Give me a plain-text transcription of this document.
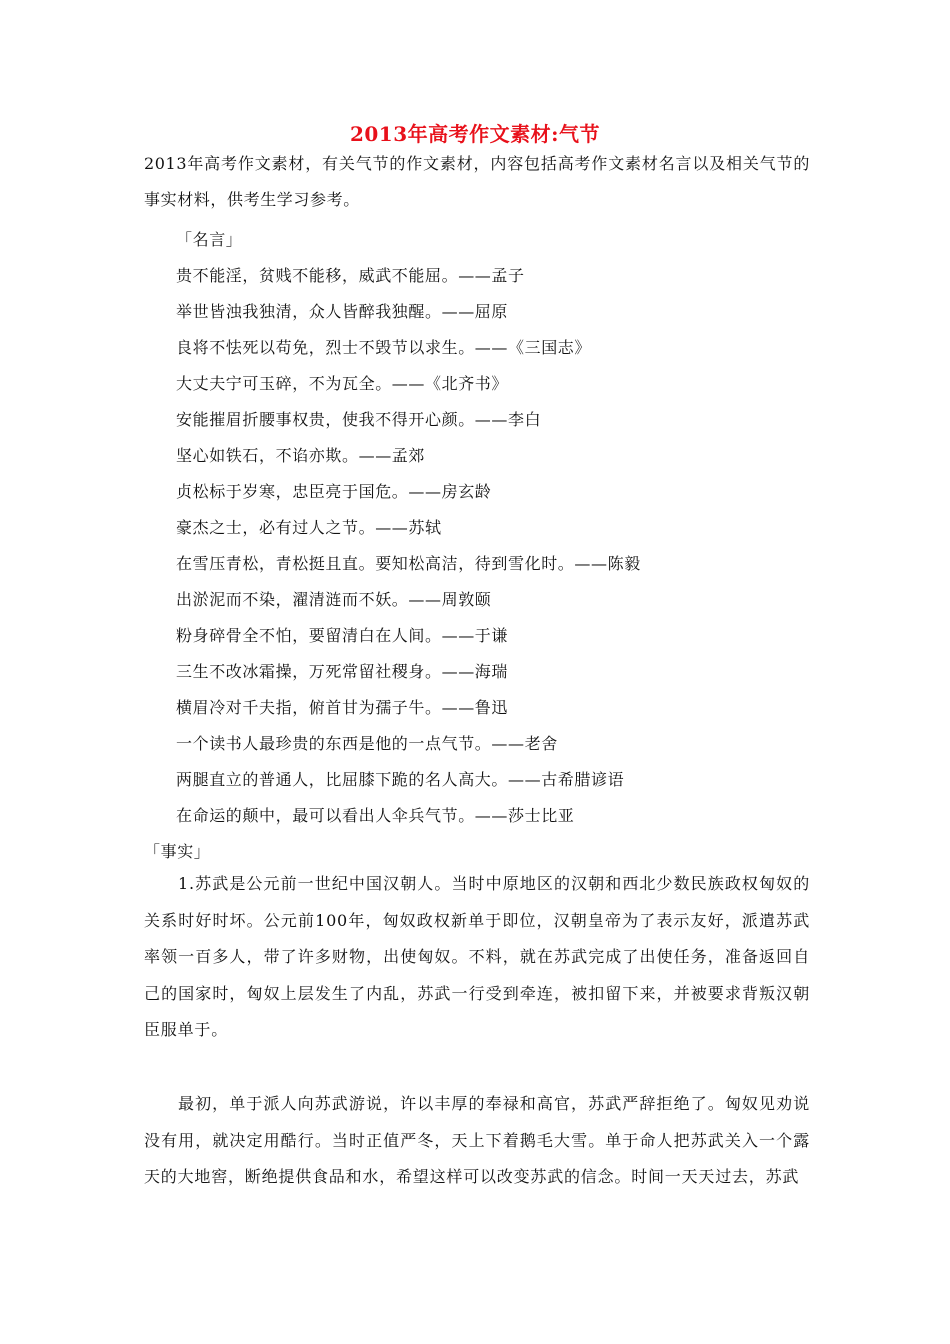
2013年高考作文素材:气节
2013年高考作文素材，有关气节的作文素材，内容包括高考作文素材名言以及相关气节的事实材料，供考生学习参考。
「名言」
贵不能淫，贫贱不能移，威武不能屈。——孟子
举世皆浊我独清，众人皆醉我独醒。——屈原
良将不怯死以苟免，烈士不毁节以求生。——《三国志》
大丈夫宁可玉碎，不为瓦全。——《北齐书》
安能摧眉折腰事权贵，使我不得开心颜。——李白
坚心如铁石，不谄亦欺。——孟郊
贞松标于岁寒，忠臣亮于国危。——房玄龄
豪杰之士，必有过人之节。——苏轼
在雪压青松，青松挺且直。要知松高洁，待到雪化时。——陈毅
出淤泥而不染，濯清涟而不妖。——周敦颐
粉身碎骨全不怕，要留清白在人间。——于谦
三生不改冰霜操，万死常留社稷身。——海瑞
横眉冷对千夫指，俯首甘为孺子牛。——鲁迅
一个读书人最珍贵的东西是他的一点气节。——老舍
两腿直立的普通人，比屈膝下跪的名人高大。——古希腊谚语
在命运的颠中，最可以看出人伞兵气节。——莎士比亚
「事实」
1.苏武是公元前一世纪中国汉朝人。当时中原地区的汉朝和西北少数民族政权匈奴的关系时好时坏。公元前100年，匈奴政权新单于即位，汉朝皇帝为了表示友好，派遣苏武率领一百多人，带了许多财物，出使匈奴。不料，就在苏武完成了出使任务，准备返回自己的国家时，匈奴上层发生了内乱，苏武一行受到牵连，被扣留下来，并被要求背叛汉朝臣服单于。
最初，单于派人向苏武游说，许以丰厚的奉禄和高官，苏武严辞拒绝了。匈奴见劝说没有用，就决定用酷行。当时正值严冬，天上下着鹅毛大雪。单于命人把苏武关入一个露天的大地窖，断绝提供食品和水，希望这样可以改变苏武的信念。时间一天天过去，苏武
